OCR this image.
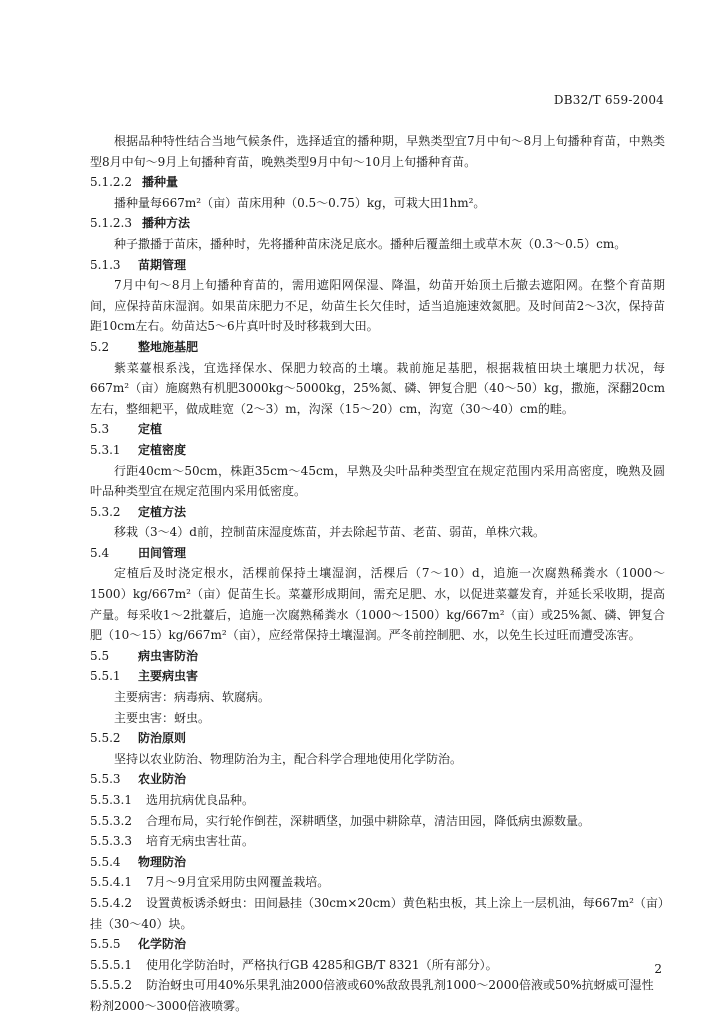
DB32/T 659-2004
根据品种特性结合当地气候条件，选择适宜的播种期，早熟类型宜7月中旬～8月上旬播种育苗，中熟类型8月中旬～9月上旬播种育苗，晚熟类型9月中旬～10月上旬播种育苗。
5.1.2.2 播种量
播种量每667m²（亩）苗床用种（0.5～0.75）kg，可栽大田1hm²。
5.1.2.3 播种方法
种子撒播于苗床，播种时，先将播种苗床浇足底水。播种后覆盖细土或草木灰（0.3～0.5）cm。
5.1.3 苗期管理
7月中旬～8月上旬播种育苗的，需用遮阳网保湿、降温，幼苗开始顶土后撤去遮阳网。在整个育苗期间，应保持苗床湿润。如果苗床肥力不足，幼苗生长欠佳时，适当追施速效氮肥。及时间苗2～3次，保持苗距10cm左右。幼苗达5～6片真叶时及时移栽到大田。
5.2 整地施基肥
紫菜薹根系浅，宜选择保水、保肥力较高的土壤。栽前施足基肥，根据栽植田块土壤肥力状况，每667m²（亩）施腐熟有机肥3000kg～5000kg，25%氮、磷、钾复合肥（40～50）kg，撒施，深翻20cm左右，整细耙平，做成畦宽（2～3）m，沟深（15～20）cm，沟宽（30～40）cm的畦。
5.3 定植
5.3.1 定植密度
行距40cm～50cm，株距35cm～45cm，早熟及尖叶品种类型宜在规定范围内采用高密度，晚熟及圆叶品种类型宜在规定范围内采用低密度。
5.3.2 定植方法
移栽（3～4）d前，控制苗床湿度炼苗，并去除起节苗、老苗、弱苗，单株穴栽。
5.4 田间管理
定植后及时浇定根水，活棵前保持土壤湿润，活棵后（7～10）d，追施一次腐熟稀粪水（1000～1500）kg/667m²（亩）促苗生长。菜薹形成期间，需充足肥、水，以促进菜薹发育，并延长采收期，提高产量。每采收1～2批薹后，追施一次腐熟稀粪水（1000～1500）kg/667m²（亩）或25%氮、磷、钾复合肥（10～15）kg/667m²（亩），应经常保持土壤湿润。严冬前控制肥、水，以免生长过旺而遭受冻害。
5.5 病虫害防治
5.5.1 主要病虫害
主要病害：病毒病、软腐病。
主要虫害：蚜虫。
5.5.2 防治原则
坚持以农业防治、物理防治为主，配合科学合理地使用化学防治。
5.5.3 农业防治
5.5.3.1 选用抗病优良品种。
5.5.3.2 合理布局，实行轮作倒茬，深耕晒垡，加强中耕除草，清洁田园，降低病虫源数量。
5.5.3.3 培育无病虫害壮苗。
5.5.4 物理防治
5.5.4.1 7月～9月宜采用防虫网覆盖栽培。
5.5.4.2 设置黄板诱杀蚜虫：田间悬挂（30cm×20cm）黄色粘虫板，其上涂上一层机油，每667m²（亩）挂（30～40）块。
5.5.5 化学防治
5.5.5.1 使用化学防治时，严格执行GB 4285和GB/T 8321（所有部分）。
5.5.5.2 防治蚜虫可用40%乐果乳油2000倍液或60%敌敌畏乳剂1000～2000倍液或50%抗蚜威可湿性粉剂2000～3000倍液喷雾。
2
